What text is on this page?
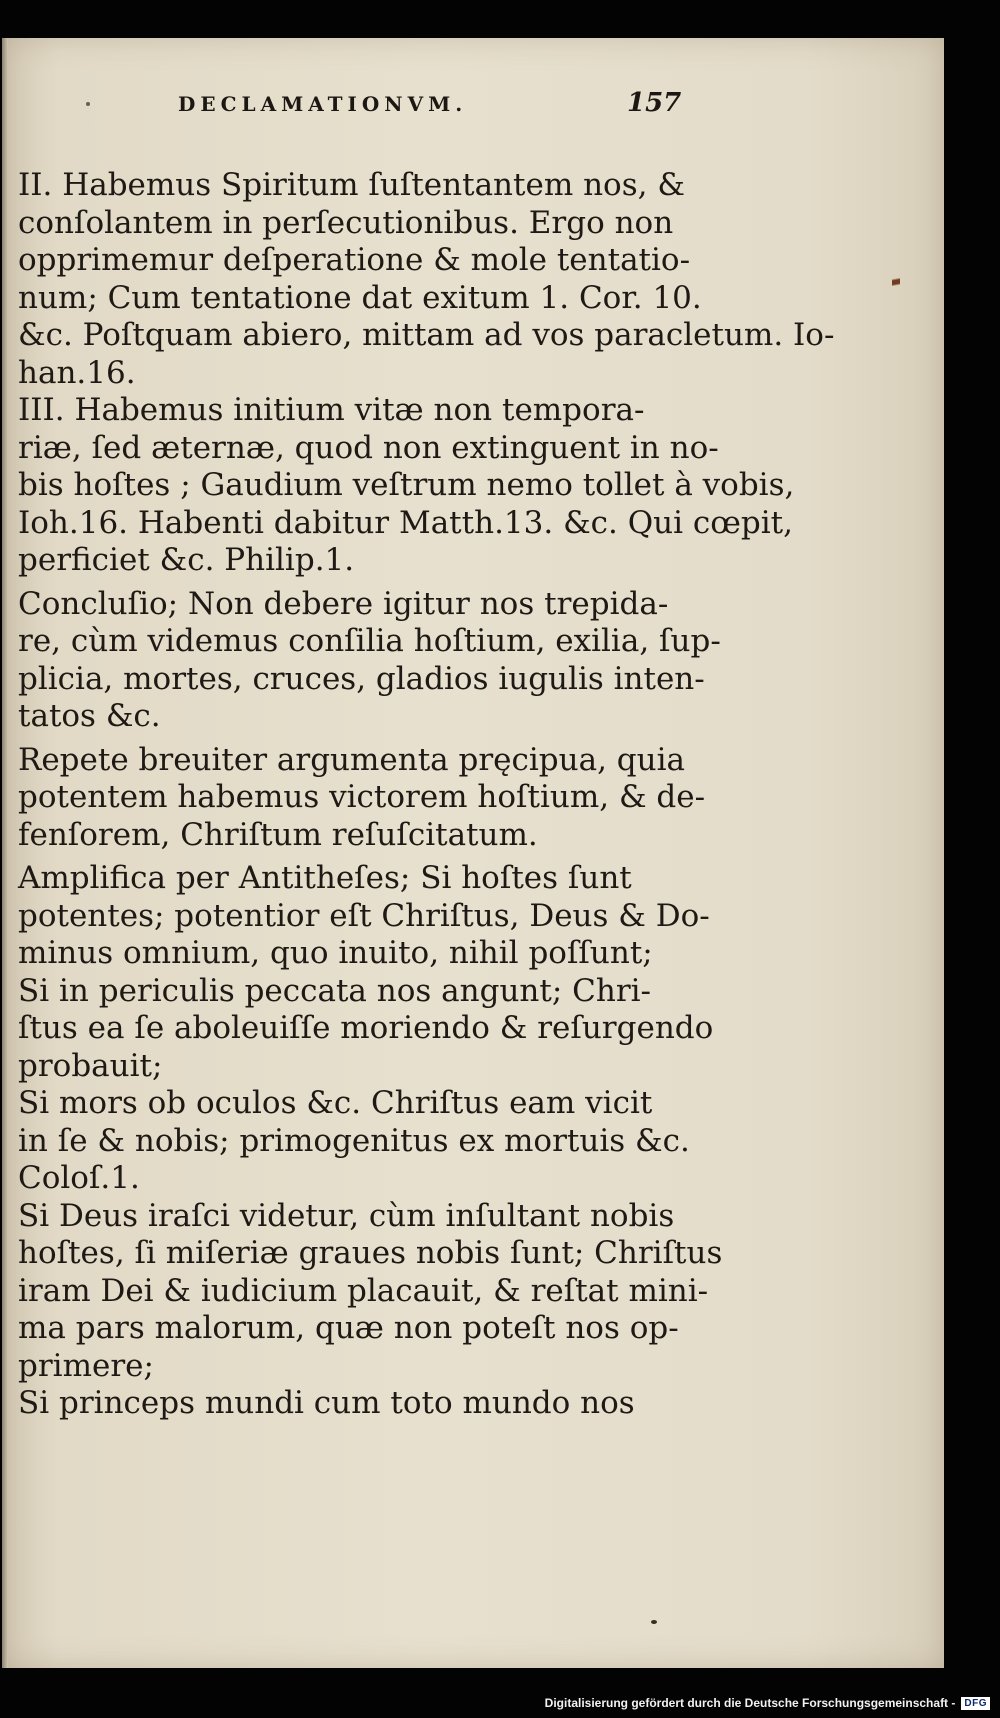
DECLAMATIONVM.	157
II. Habemus Spiritum ſuſtentantem nos, &
conſolantem in perſecutionibus. Ergo non
opprimemur deſperatione & mole tentatio-
num; Cum tentatione dat exitum 1. Cor. 10.
&c. Poſtquam abiero, mittam ad vos paracletum. Io-
han.16.
III. Habemus initium vitæ non tempora-
riæ, ſed æternæ, quod non extinguent in no-
bis hoſtes ; Gaudium veſtrum nemo tollet à vobis,
Ioh.16. Habenti dabitur Matth.13. &c. Qui cœpit,
perficiet &c. Philip.1.
Concluſio; Non debere igitur nos trepida-
re, cùm videmus conſilia hoſtium, exilia, ſup-
plicia, mortes, cruces, gladios iugulis inten-
tatos &c.
Repete breuiter argumenta pręcipua, quia
potentem habemus victorem hoſtium, & de-
fenſorem, Chriſtum reſuſcitatum.
Amplifica per Antitheſes; Si hoſtes ſunt
potentes; potentior eſt Chriſtus, Deus & Do-
minus omnium, quo inuito, nihil poſſunt;
Si in periculis peccata nos angunt; Chri-
ſtus ea ſe aboleuiſſe moriendo & reſurgendo
probauit;
Si mors ob oculos &c. Chriſtus eam vicit
in ſe & nobis; primogenitus ex mortuis &c.
Coloſ.1.
Si Deus iraſci videtur, cùm inſultant nobis
hoſtes, ſi miſeriæ graues nobis ſunt; Chriſtus
iram Dei & iudicium placauit, & reſtat mini-
ma pars malorum, quæ non poteſt nos op-
primere;
Si princeps mundi cum toto mundo nos
Digitalisierung gefördert durch die Deutsche Forschungsgemeinschaft - DFG
